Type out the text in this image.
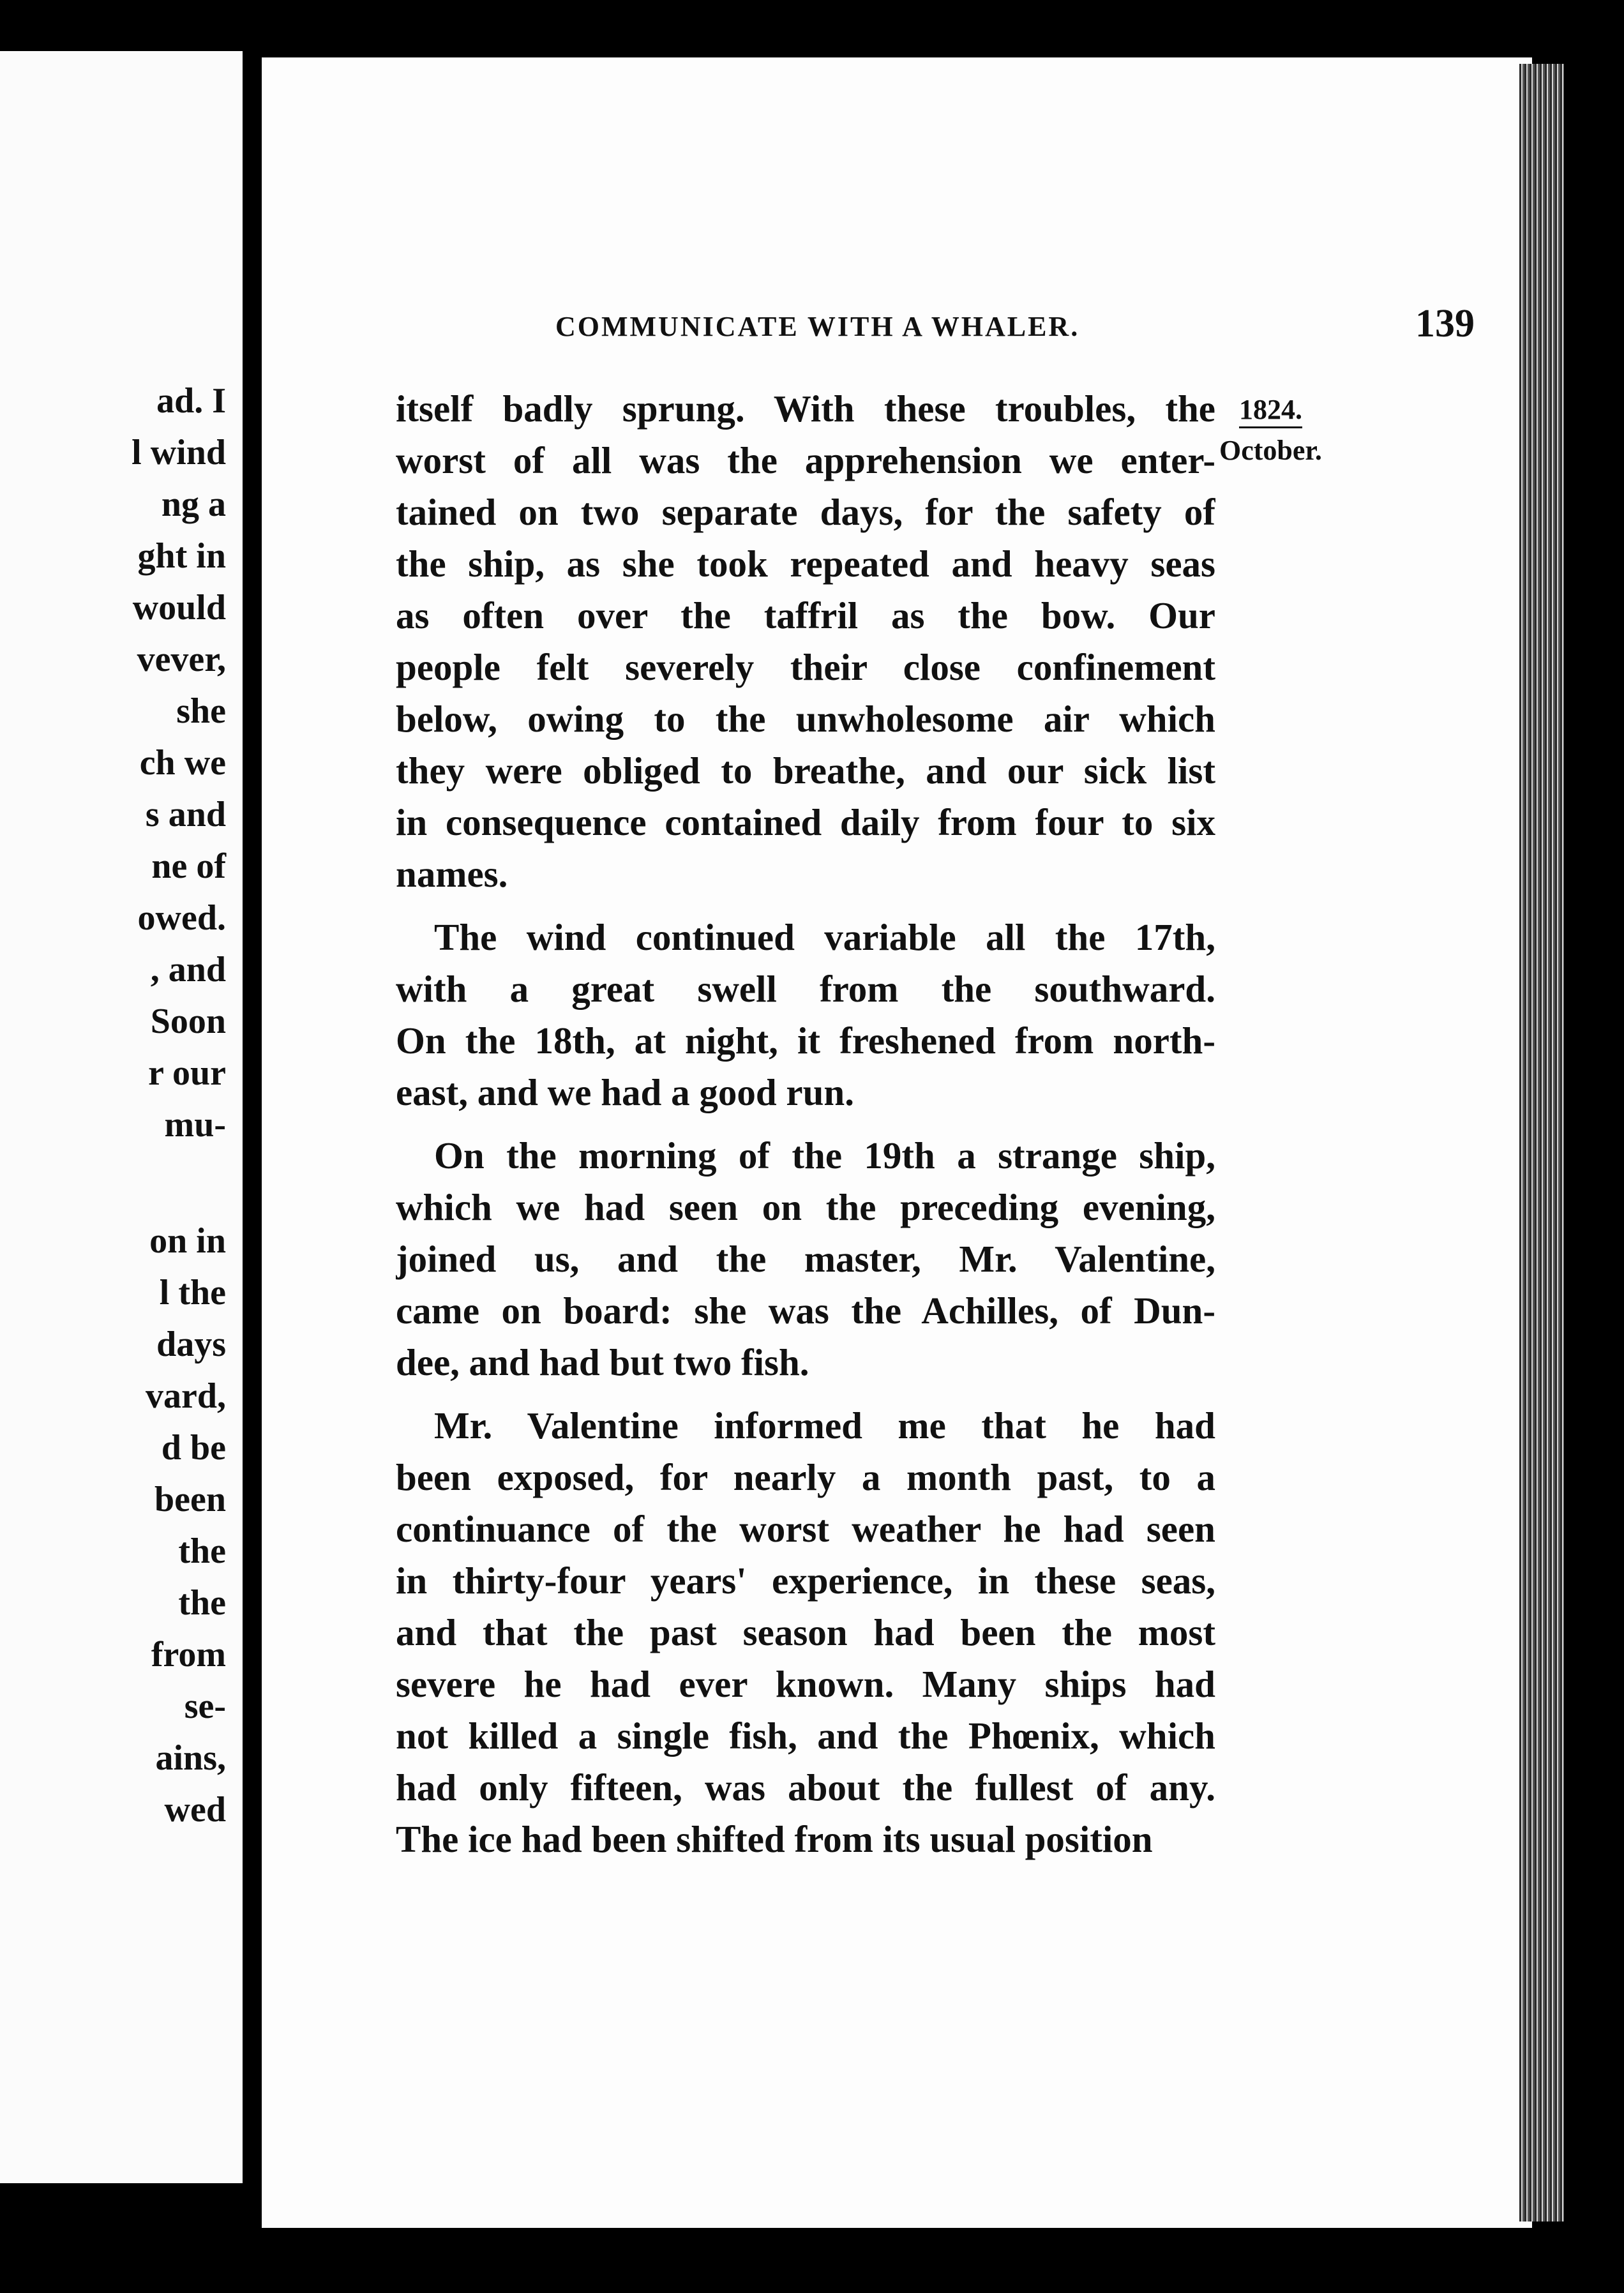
ad. I
l wind
ng a
ght in
would
vever,
she
ch we
s and
ne of
owed.
, and
Soon
r our
mu-
on in
l the
days
vard,
d be
been
the
the
from
se-
ains,
wed
COMMUNICATE WITH A WHALER.	139
itself badly sprung. With these troubles, the
worst of all was the apprehension we enter-
tained on two separate days, for the safety of
the ship, as she took repeated and heavy seas
as often over the taffril as the bow. Our
people felt severely their close confinement
below, owing to the unwholesome air which
they were obliged to breathe, and our sick list
in consequence contained daily from four to six
names.
The wind continued variable all the 17th,
with a great swell from the southward.
On the 18th, at night, it freshened from north-
east, and we had a good run.
On the morning of the 19th a strange ship,
which we had seen on the preceding evening,
joined us, and the master, Mr. Valentine,
came on board: she was the Achilles, of Dun-
dee, and had but two fish.
Mr. Valentine informed me that he had
been exposed, for nearly a month past, to a
continuance of the worst weather he had seen
in thirty-four years' experience, in these seas,
and that the past season had been the most
severe he had ever known. Many ships had
not killed a single fish, and the Phœnix, which
had only fifteen, was about the fullest of any.
The ice had been shifted from its usual position
1824.
October.
